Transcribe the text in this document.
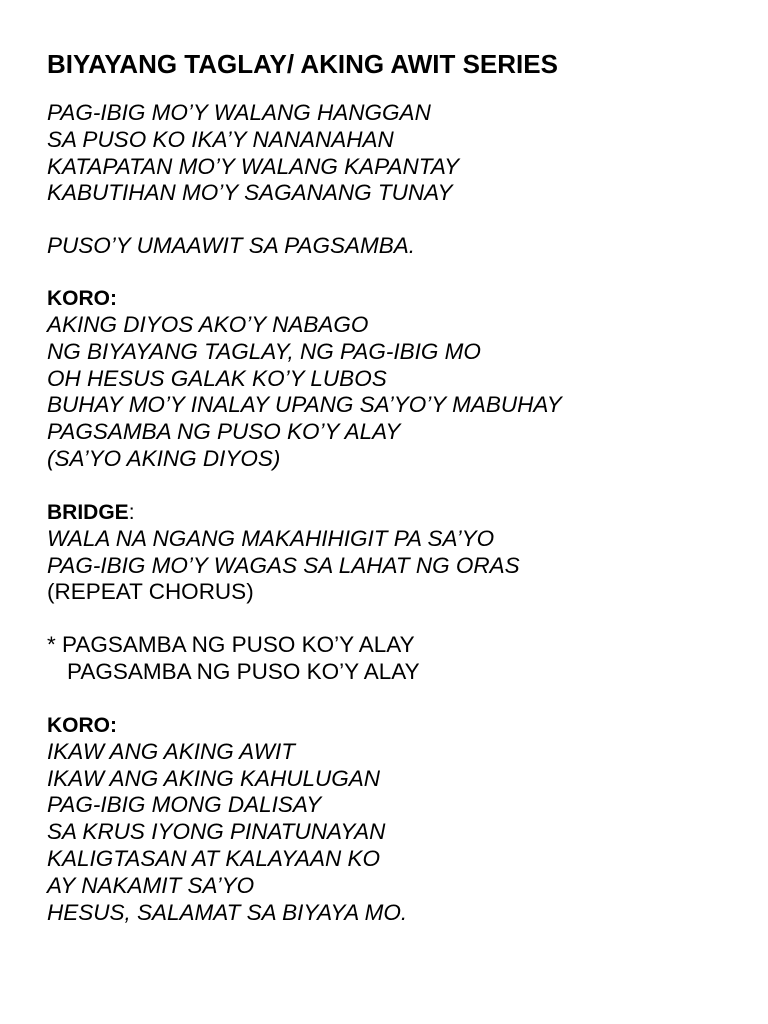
BIYAYANG TAGLAY/ AKING AWIT SERIES
PAG-IBIG MO’Y WALANG HANGGAN
SA PUSO KO IKA’Y NANANAHAN
KATAPATAN MO’Y WALANG KAPANTAY
KABUTIHAN MO’Y SAGANANG TUNAY
PUSO’Y UMAAWIT SA PAGSAMBA.
KORO:
AKING DIYOS AKO’Y NABAGO
NG BIYAYANG TAGLAY, NG PAG-IBIG MO
OH HESUS GALAK KO’Y LUBOS
BUHAY MO’Y INALAY UPANG SA’YO’Y MABUHAY
PAGSAMBA NG PUSO KO’Y ALAY
(SA’YO AKING DIYOS)
BRIDGE:
WALA NA NGANG MAKAHIHIGIT PA SA’YO
PAG-IBIG MO’Y WAGAS SA LAHAT NG ORAS
(REPEAT CHORUS)
* PAGSAMBA NG PUSO KO’Y ALAY
PAGSAMBA NG PUSO KO’Y ALAY
KORO:
IKAW ANG AKING AWIT
IKAW ANG AKING KAHULUGAN
PAG-IBIG MONG DALISAY
SA KRUS IYONG PINATUNAYAN
KALIGTASAN AT KALAYAAN KO
AY NAKAMIT SA’YO
HESUS, SALAMAT SA BIYAYA MO.
